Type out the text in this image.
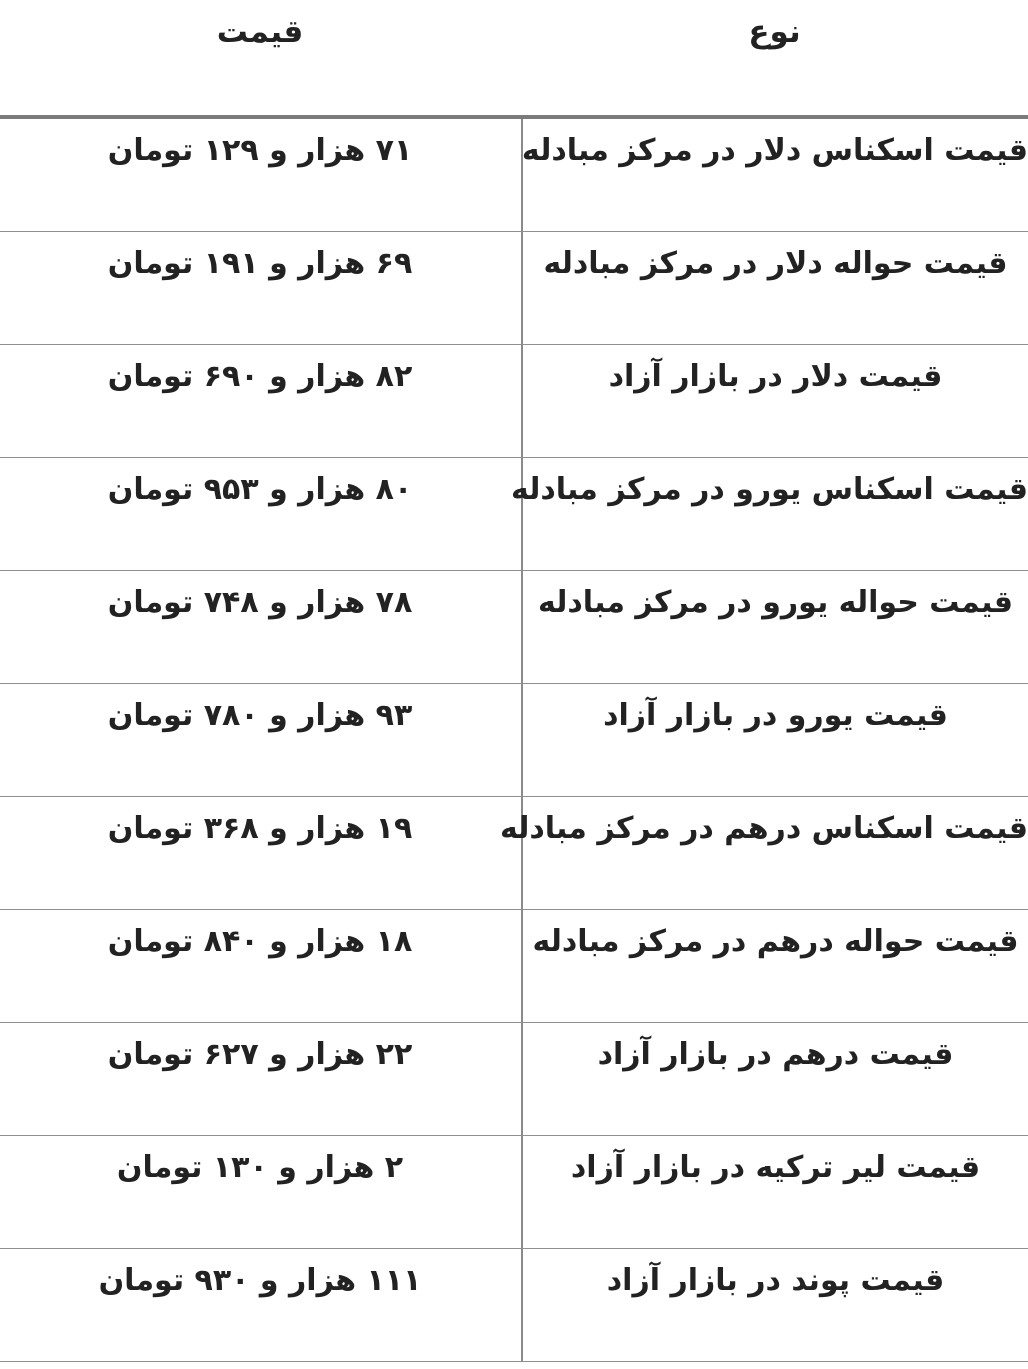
نوع
قيمت
قیمت اسکناس دلار در مرکز مبادله
۷۱ هزار و ۱۲۹ تومان
قیمت حواله دلار در مرکز مبادله
۶۹ هزار و ۱۹۱ تومان
قیمت دلار در بازار آزاد
۸۲ هزار و ۶۹۰ تومان
قیمت اسکناس یورو در مرکز مبادله
۸۰ هزار و ۹۵۳ تومان
قیمت حواله یورو در مرکز مبادله
۷۸ هزار و ۷۴۸ تومان
قیمت یورو در بازار آزاد
۹۳ هزار و ۷۸۰ تومان
قیمت اسکناس درهم در مرکز مبادله
۱۹ هزار و ۳۶۸ تومان
قیمت حواله درهم در مرکز مبادله
۱۸ هزار و ۸۴۰ تومان
قیمت درهم در بازار آزاد
۲۲ هزار و ۶۲۷ تومان
قیمت لیر ترکیه در بازار آزاد
۲ هزار و ۱۳۰ تومان
قیمت پوند در بازار آزاد
۱۱۱ هزار و ۹۳۰ تومان
